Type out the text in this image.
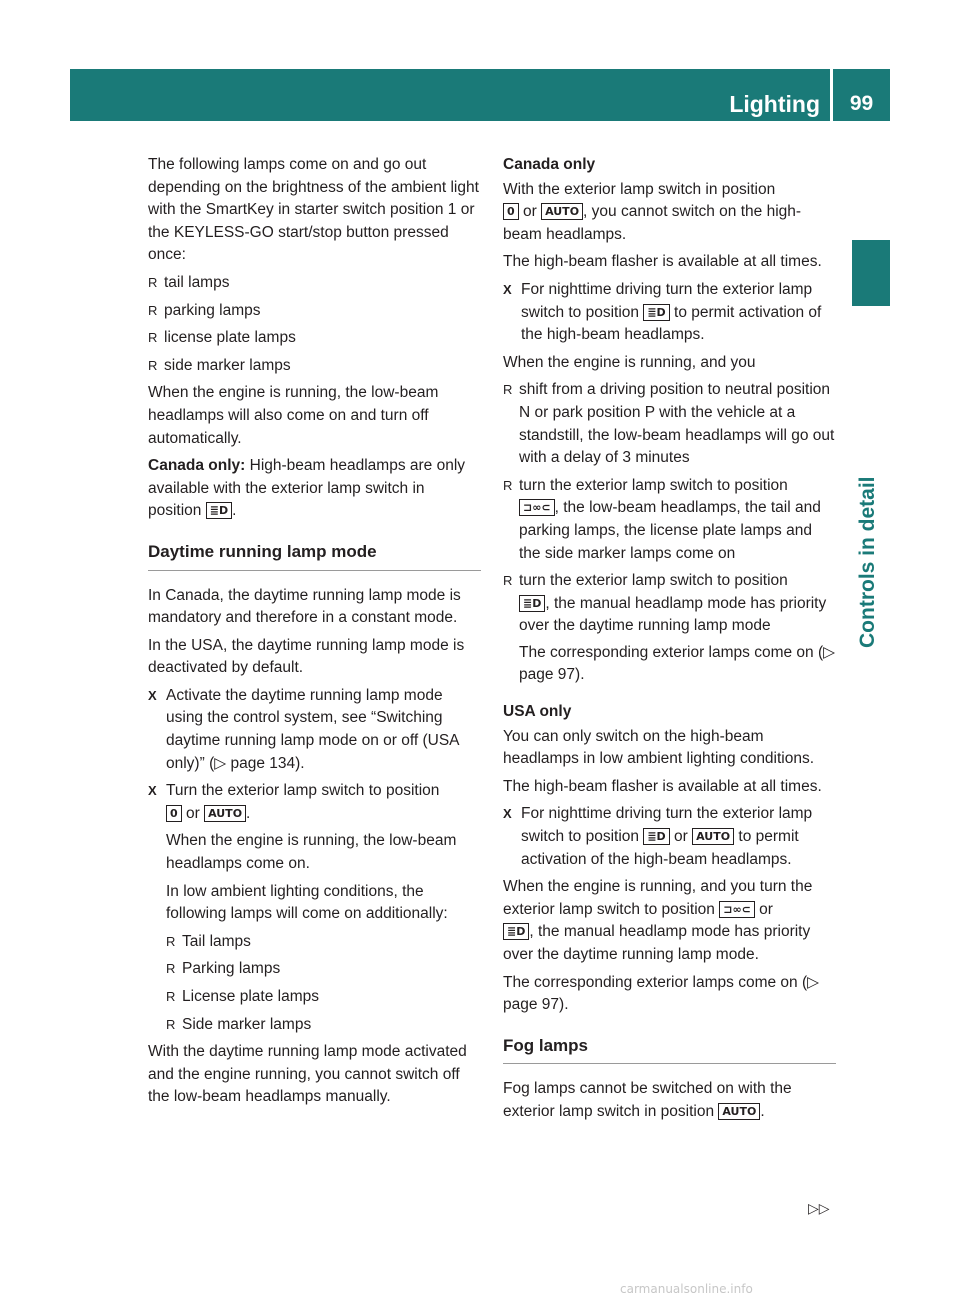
Lighting	99
Controls in detail

The following lamps come on and go out depending on the brightness of the ambient light with the SmartKey in starter switch position 1 or the KEYLESS-GO start/stop button pressed once:

R tail lamps
R parking lamps
R license plate lamps
R side marker lamps

When the engine is running, the low-beam headlamps will also come on and turn off automatically.

Canada only: High-beam headlamps are only available with the exterior lamp switch in position ≣D .

Daytime running lamp mode

In Canada, the daytime running lamp mode is mandatory and therefore in a constant mode.

In the USA, the daytime running lamp mode is deactivated by default.

X Activate the daytime running lamp mode using the control system, see “Switching daytime running lamp mode on or off (USA only)” (▷ page 134).
X Turn the exterior lamp switch to position
0 or AUTO .

When the engine is running, the low-beam headlamps come on.

In low ambient lighting conditions, the following lamps will come on additionally:

R Tail lamps
R Parking lamps
R License plate lamps
R Side marker lamps

With the daytime running lamp mode activated and the engine running, you cannot switch off the low-beam headlamps manually.

Canada only

With the exterior lamp switch in position
0 or AUTO , you cannot switch on the high-beam headlamps.

The high-beam flasher is available at all times.

X For nighttime driving turn the exterior lamp switch to position ≣D to permit activation of the high-beam headlamps.

When the engine is running, and you

R shift from a driving position to neutral position N or park position P with the vehicle at a standstill, the low-beam headlamps will go out with a delay of 3 minutes
R turn the exterior lamp switch to position
⊐∞⊂ , the low-beam headlamps, the tail and parking lamps, the license plate lamps and the side marker lamps come on
R turn the exterior lamp switch to position
≣D , the manual headlamp mode has priority over the daytime running lamp mode
The corresponding exterior lamps come on (▷ page 97).

USA only

You can only switch on the high-beam headlamps in low ambient lighting conditions.

The high-beam flasher is available at all times.

X For nighttime driving turn the exterior lamp switch to position ≣D or AUTO to permit activation of the high-beam headlamps.

When the engine is running, and you turn the exterior lamp switch to position ⊐∞⊂ or
≣D , the manual headlamp mode has priority over the daytime running lamp mode.

The corresponding exterior lamps come on (▷ page 97).

Fog lamps

Fog lamps cannot be switched on with the exterior lamp switch in position AUTO .

▷▷
carmanualsonline.info
